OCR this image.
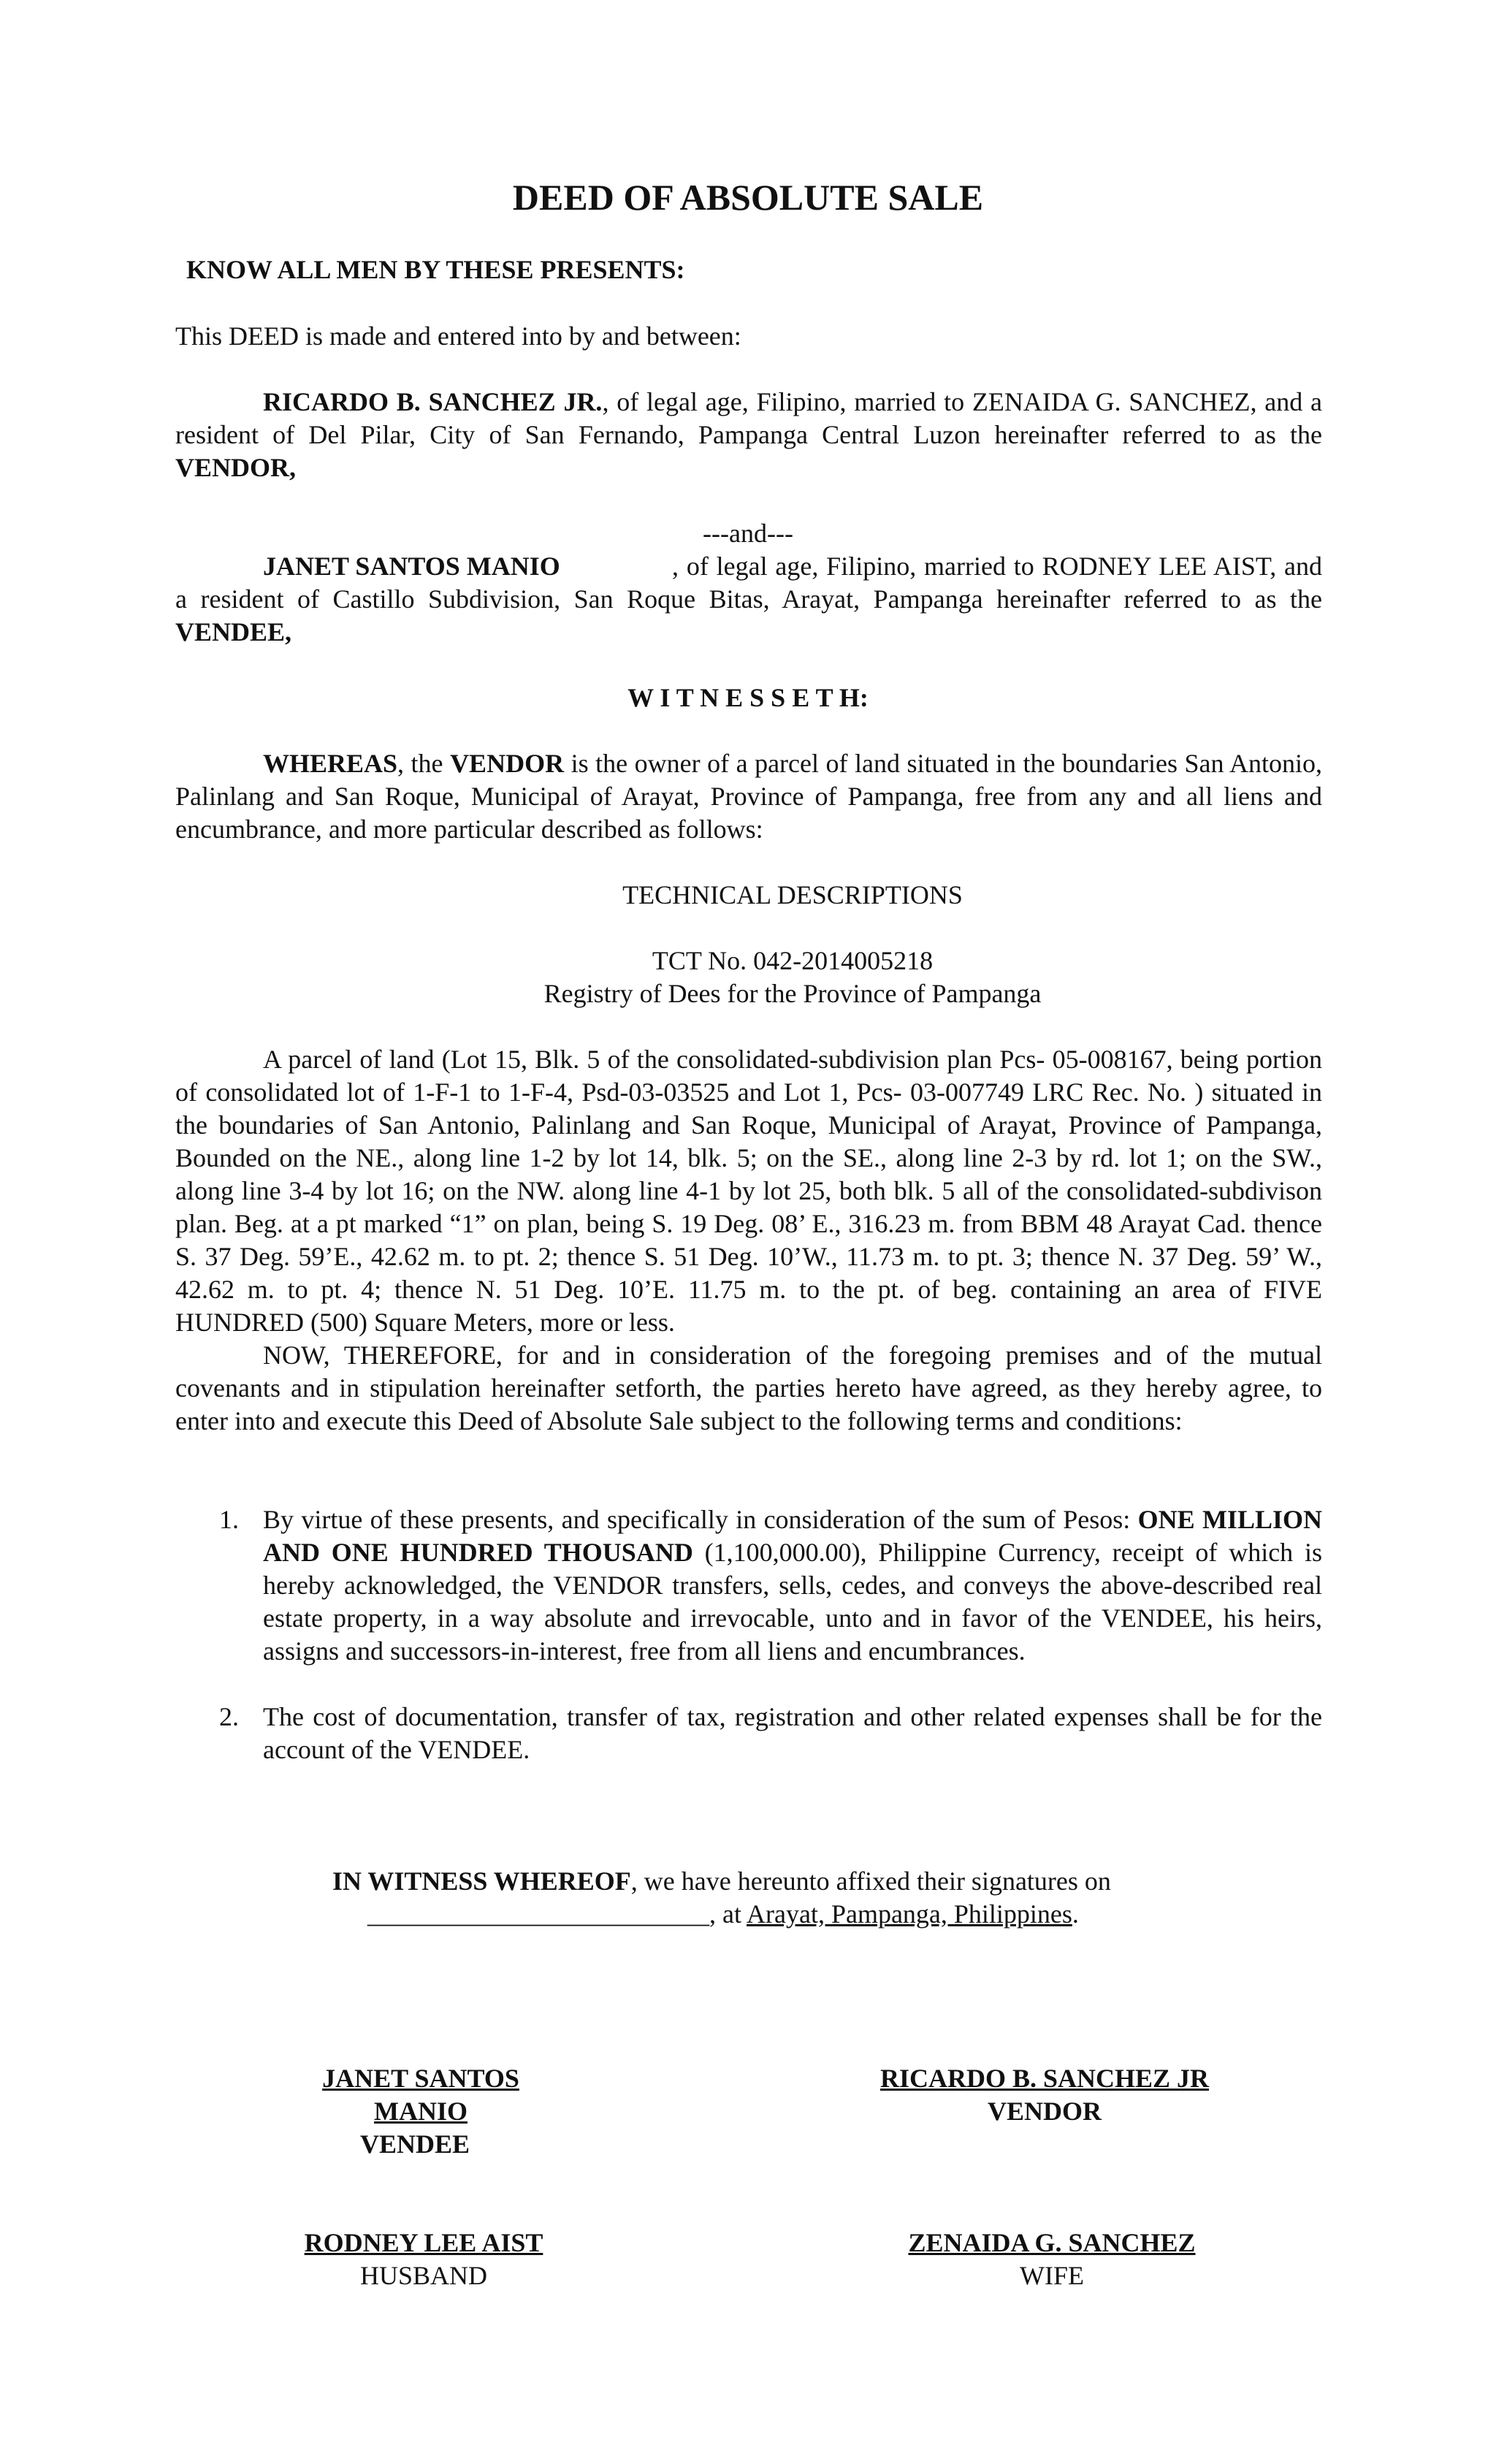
DEED OF ABSOLUTE SALE
KNOW ALL MEN BY THESE PRESENTS:
This DEED is made and entered into by and between:
RICARDO B. SANCHEZ JR., of legal age, Filipino, married to ZENAIDA G. SANCHEZ, and a resident of Del Pilar, City of San Fernando, Pampanga Central Luzon hereinafter referred to as the VENDOR,
---and---
JANET SANTOS MANIO	, of legal age, Filipino, married to RODNEY LEE AIST, and a resident of Castillo Subdivision, San Roque Bitas, Arayat, Pampanga hereinafter referred to as the VENDEE,
W I T N E S S E T H:
WHEREAS, the VENDOR is the owner of a parcel of land situated in the boundaries San Antonio, Palinlang and San Roque, Municipal of Arayat, Province of Pampanga, free from any and all liens and encumbrance, and more particular described as follows:
TECHNICAL DESCRIPTIONS
TCT No. 042-2014005218
Registry of Dees for the Province of Pampanga
A parcel of land (Lot 15, Blk. 5 of the consolidated-subdivision plan Pcs- 05-008167, being portion of consolidated lot of 1-F-1 to 1-F-4, Psd-03-03525 and Lot 1, Pcs- 03-007749 LRC Rec. No. ) situated in the boundaries of San Antonio, Palinlang and San Roque, Municipal of Arayat, Province of Pampanga, Bounded on the NE., along line 1-2 by lot 14, blk. 5; on the SE., along line 2-3 by rd. lot 1; on the SW., along line 3-4 by lot 16; on the NW. along line 4-1 by lot 25, both blk. 5 all of the consolidated-subdivison plan. Beg. at a pt marked “1” on plan, being S. 19 Deg. 08’ E., 316.23 m. from BBM 48 Arayat Cad. thence S. 37 Deg. 59’E., 42.62 m. to pt. 2; thence S. 51 Deg. 10’W., 11.73 m. to pt. 3; thence N. 37 Deg. 59’ W., 42.62 m. to pt. 4; thence N. 51 Deg. 10’E. 11.75 m. to the pt. of beg. containing an area of FIVE HUNDRED (500) Square Meters, more or less.
NOW, THEREFORE, for and in consideration of the foregoing premises and of the mutual covenants and in stipulation hereinafter setforth, the parties hereto have agreed, as they hereby agree, to enter into and execute this Deed of Absolute Sale subject to the following terms and conditions:
1. By virtue of these presents, and specifically in consideration of the sum of Pesos: ONE MILLION AND ONE HUNDRED THOUSAND (1,100,000.00), Philippine Currency, receipt of which is hereby acknowledged, the VENDOR transfers, sells, cedes, and conveys the above-described real estate property, in a way absolute and irrevocable, unto and in favor of the VENDEE, his heirs, assigns and successors-in-interest, free from all liens and encumbrances.
2. The cost of documentation, transfer of tax, registration and other related expenses shall be for the account of the VENDEE.
IN WITNESS WHEREOF, we have hereunto affixed their signatures on
__________________________, at Arayat, Pampanga, Philippines.
JANET SANTOS MANIO
VENDEE
RICARDO B. SANCHEZ JR
VENDOR
RODNEY LEE AIST
HUSBAND
ZENAIDA G. SANCHEZ
WIFE
